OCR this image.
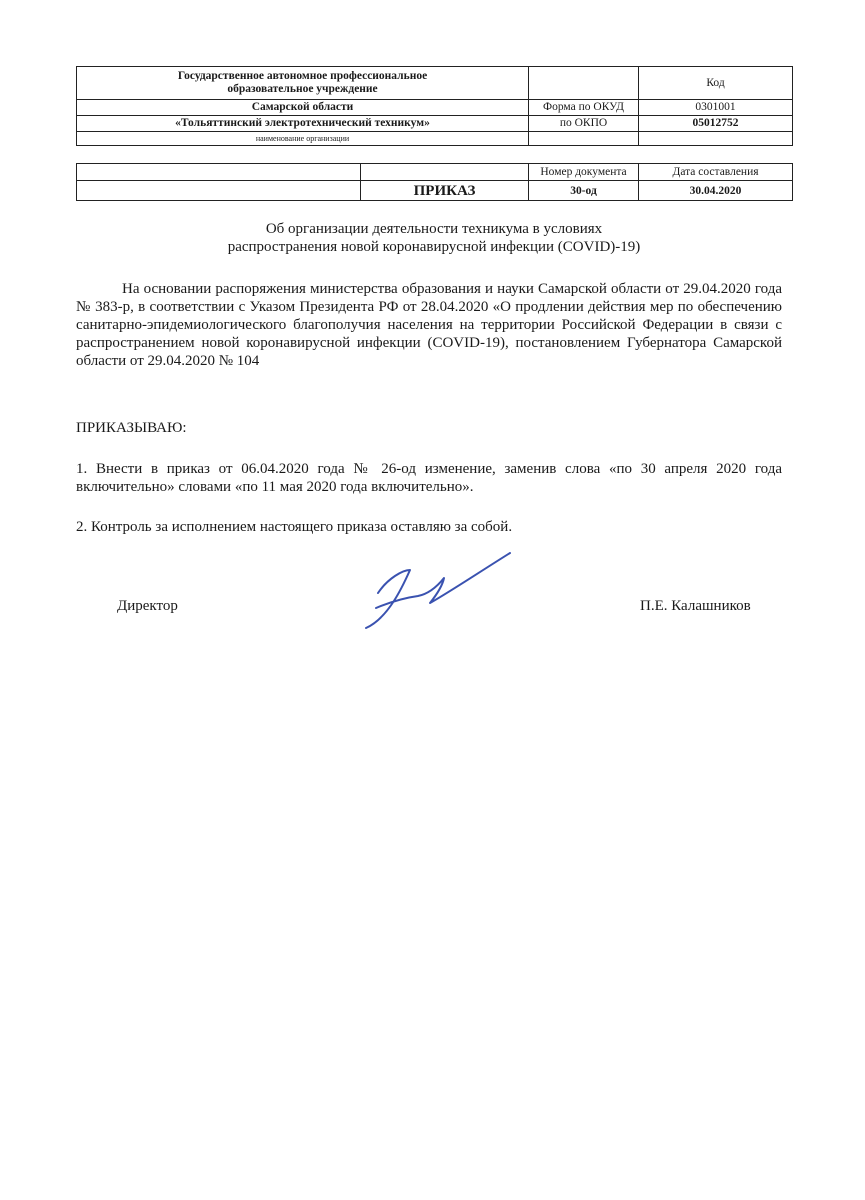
Государственное автономное профессиональное
образовательное учреждение		Код
Самарской области	Форма по ОКУД	0301001
«Тольяттинский электротехнический техникум»	по ОКПО	05012752
наименование организации		
		Номер документа	Дата составления
	ПРИКАЗ	30-од	30.04.2020
Об организации деятельности техникума в условиях
распространения новой коронавирусной инфекции (COVID)-19)
На основании распоряжения министерства образования и науки Самарской области от 29.04.2020 года № 383-р, в соответствии с Указом Президента РФ от 28.04.2020 «О продлении действия мер по обеспечению санитарно-эпидемиологического благополучия населения на территории Российской Федерации в связи с распространением новой коронавирусной инфекции (COVID-19), постановлением Губернатора Самарской области от 29.04.2020 № 104
ПРИКАЗЫВАЮ:
1. Внести в приказ от 06.04.2020 года № 26-од изменение, заменив слова «по 30 апреля 2020 года включительно» словами «по 11 мая 2020 года включительно».
2. Контроль за исполнением настоящего приказа оставляю за собой.
Директор	П.Е. Калашников
